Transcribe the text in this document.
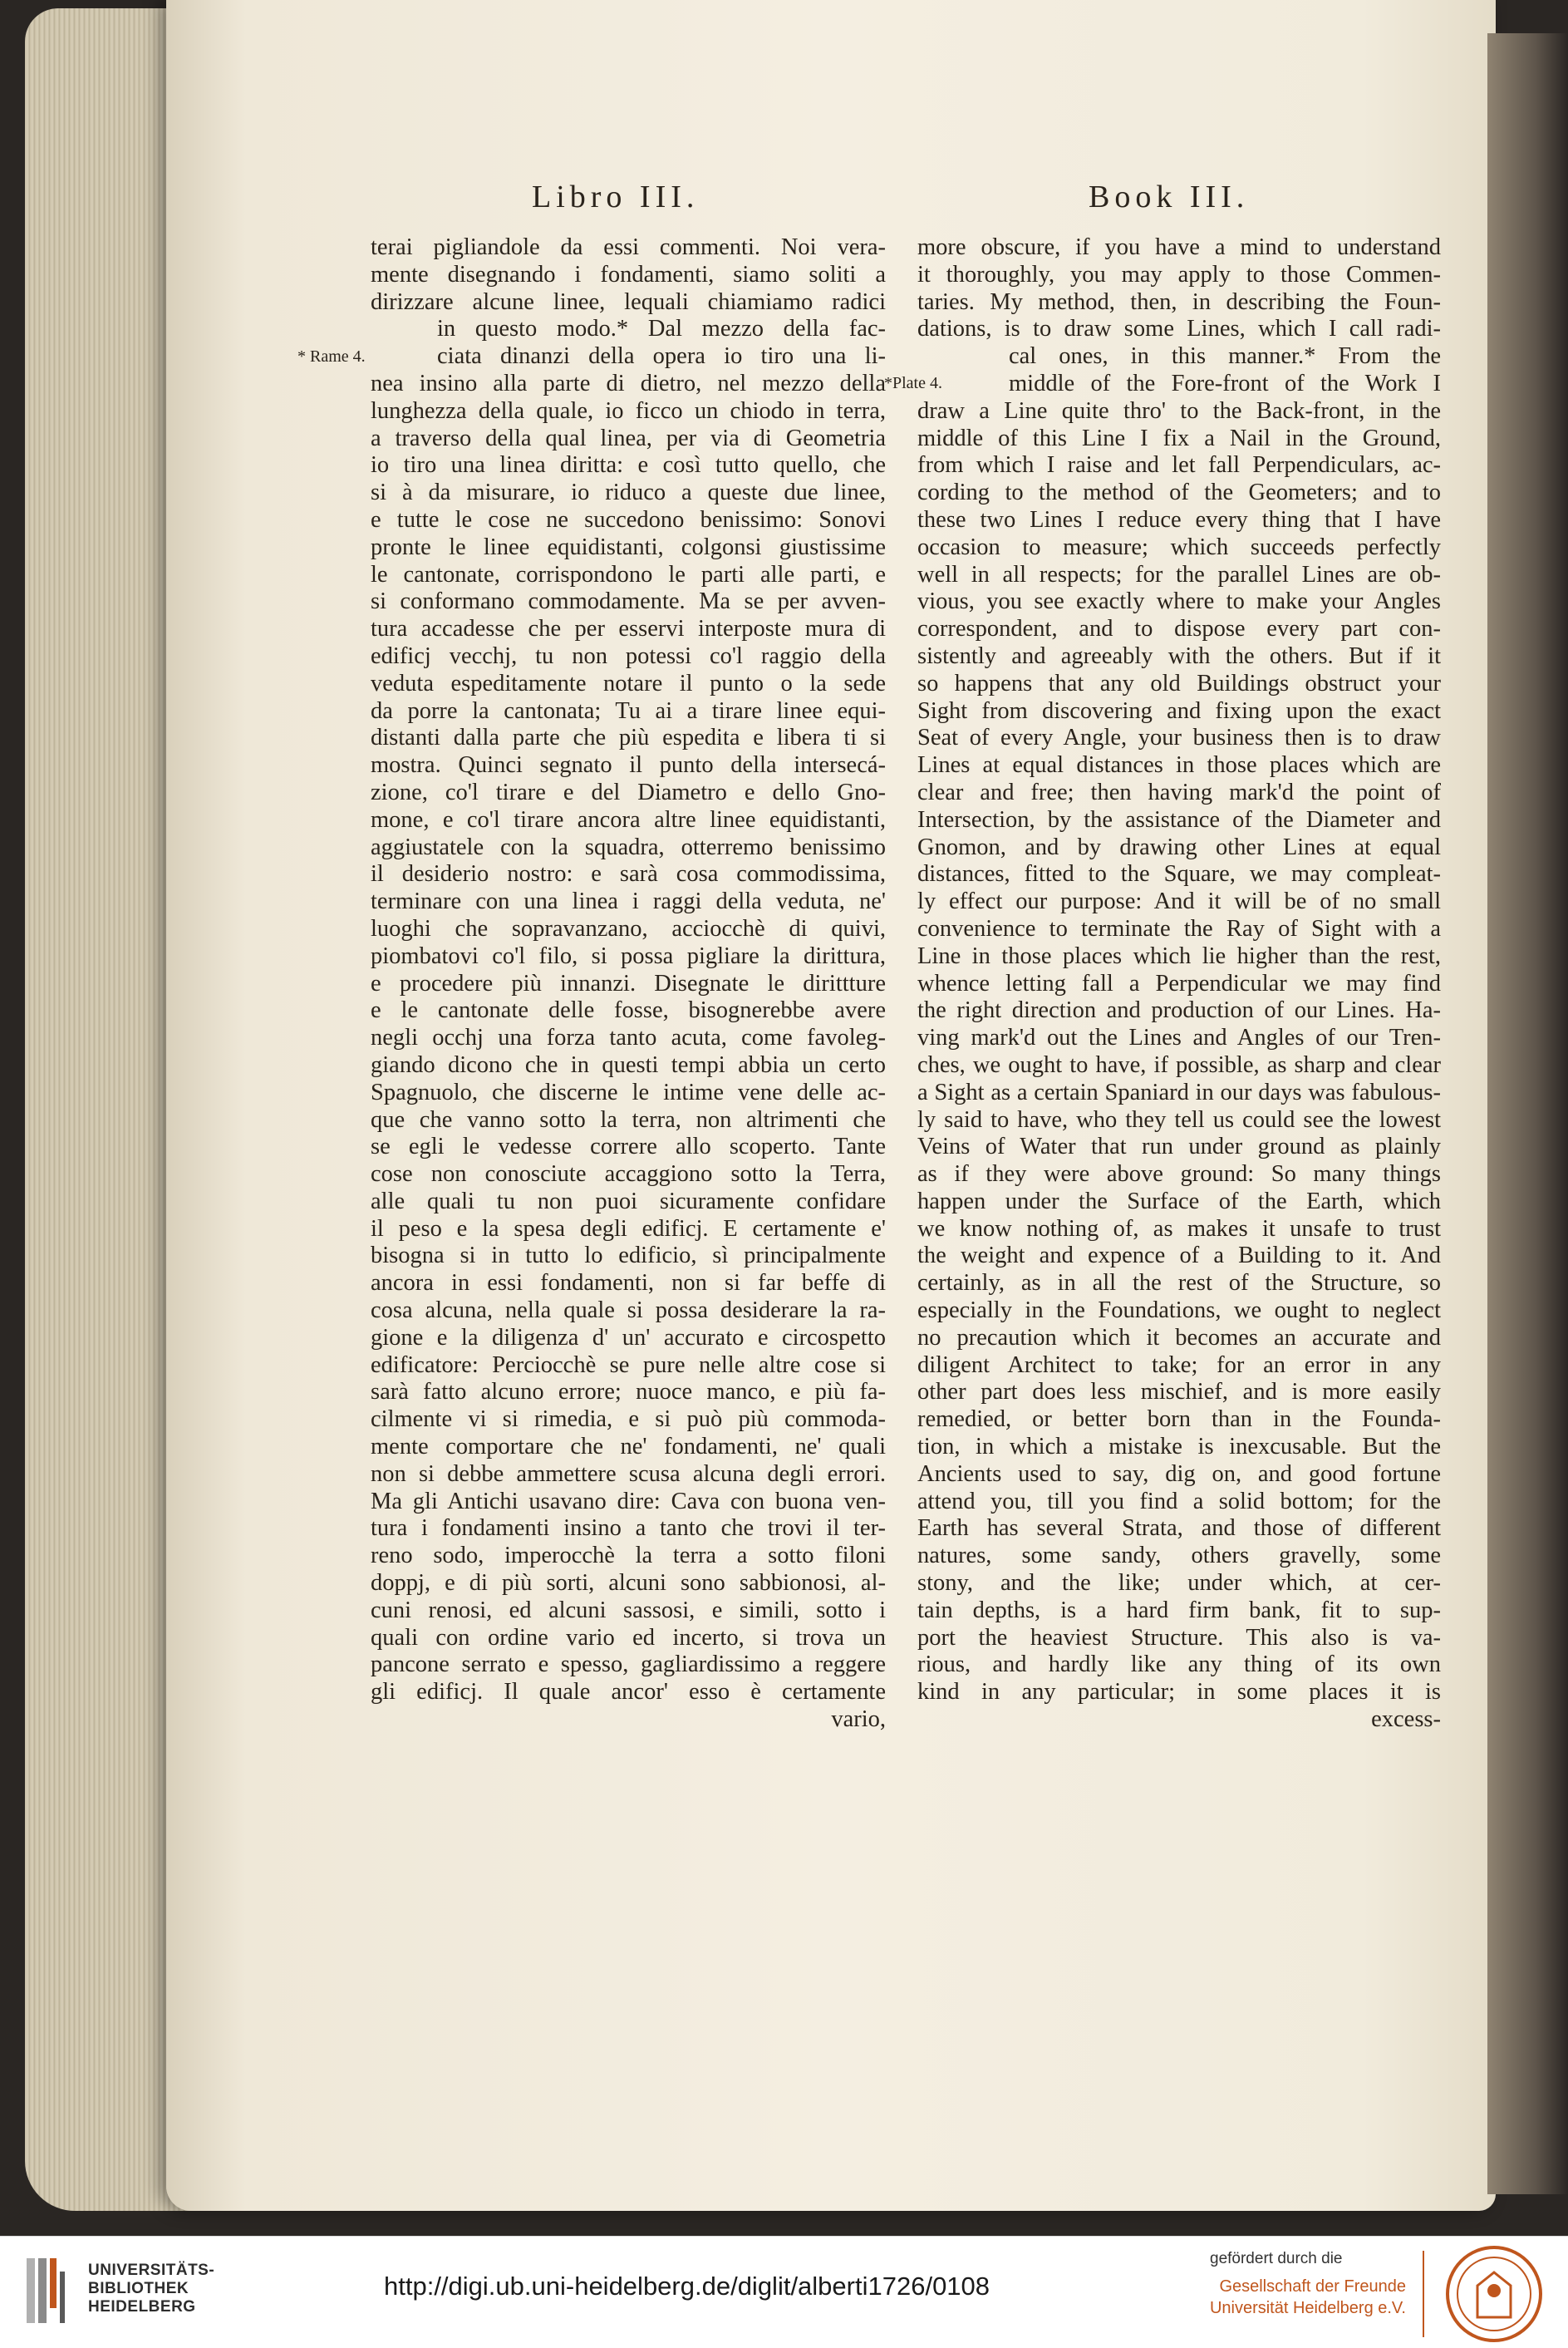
Libro III.	Book III.
* Rame 4.
*Plate 4.
terai pigliandole da essi commenti. Noi vera-
mente disegnando i fondamenti, siamo soliti a
dirizzare alcune linee, lequali chiamiamo radici
in questo modo.* Dal mezzo della fac-
ciata dinanzi della opera io tiro una li-
nea insino alla parte di dietro, nel mezzo della
lunghezza della quale, io ficco un chiodo in terra,
a traverso della qual linea, per via di Geometria
io tiro una linea diritta: e così tutto quello, che
si à da misurare, io riduco a queste due linee,
e tutte le cose ne succedono benissimo: Sonovi
pronte le linee equidistanti, colgonsi giustissime
le cantonate, corrispondono le parti alle parti, e
si conformano commodamente. Ma se per avven-
tura accadesse che per esservi interposte mura di
edificj vecchj, tu non potessi co'l raggio della
veduta espeditamente notare il punto o la sede
da porre la cantonata; Tu ai a tirare linee equi-
distanti dalla parte che più espedita e libera ti si
mostra. Quinci segnato il punto della intersecá-
zione, co'l tirare e del Diametro e dello Gno-
mone, e co'l tirare ancora altre linee equidistanti,
aggiustatele con la squadra, otterremo benissimo
il desiderio nostro: e sarà cosa commodissima,
terminare con una linea i raggi della veduta, ne'
luoghi che sopravanzano, acciocchè di quivi,
piombatovi co'l filo, si possa pigliare la dirittura,
e procedere più innanzi. Disegnate le dirittture
e le cantonate delle fosse, bisognerebbe avere
negli occhj una forza tanto acuta, come favoleg-
giando dicono che in questi tempi abbia un certo
Spagnuolo, che discerne le intime vene delle ac-
que che vanno sotto la terra, non altrimenti che
se egli le vedesse correre allo scoperto. Tante
cose non conosciute accaggiono sotto la Terra,
alle quali tu non puoi sicuramente confidare
il peso e la spesa degli edificj. E certamente e'
bisogna si in tutto lo edificio, sì principalmente
ancora in essi fondamenti, non si far beffe di
cosa alcuna, nella quale si possa desiderare la ra-
gione e la diligenza d' un' accurato e circospetto
edificatore: Perciocchè se pure nelle altre cose si
sarà fatto alcuno errore; nuoce manco, e più fa-
cilmente vi si rimedia, e si può più commoda-
mente comportare che ne' fondamenti, ne' quali
non si debbe ammettere scusa alcuna degli errori.
Ma gli Antichi usavano dire: Cava con buona ven-
tura i fondamenti insino a tanto che trovi il ter-
reno sodo, imperocchè la terra a sotto filoni
doppj, e di più sorti, alcuni sono sabbionosi, al-
cuni renosi, ed alcuni sassosi, e simili, sotto i
quali con ordine vario ed incerto, si trova un
pancone serrato e spesso, gagliardissimo a reggere
gli edificj. Il quale ancor' esso è certamente
vario,
more obscure, if you have a mind to understand
it thoroughly, you may apply to those Commen-
taries. My method, then, in describing the Foun-
dations, is to draw some Lines, which I call radi-
cal ones, in this manner.* From the
middle of the Fore-front of the Work I
draw a Line quite thro' to the Back-front, in the
middle of this Line I fix a Nail in the Ground,
from which I raise and let fall Perpendiculars, ac-
cording to the method of the Geometers; and to
these two Lines I reduce every thing that I have
occasion to measure; which succeeds perfectly
well in all respects; for the parallel Lines are ob-
vious, you see exactly where to make your Angles
correspondent, and to dispose every part con-
sistently and agreeably with the others. But if it
so happens that any old Buildings obstruct your
Sight from discovering and fixing upon the exact
Seat of every Angle, your business then is to draw
Lines at equal distances in those places which are
clear and free; then having mark'd the point of
Intersection, by the assistance of the Diameter and
Gnomon, and by drawing other Lines at equal
distances, fitted to the Square, we may compleat-
ly effect our purpose: And it will be of no small
convenience to terminate the Ray of Sight with a
Line in those places which lie higher than the rest,
whence letting fall a Perpendicular we may find
the right direction and production of our Lines. Ha-
ving mark'd out the Lines and Angles of our Tren-
ches, we ought to have, if possible, as sharp and clear
a Sight as a certain Spaniard in our days was fabulous-
ly said to have, who they tell us could see the lowest
Veins of Water that run under ground as plainly
as if they were above ground: So many things
happen under the Surface of the Earth, which
we know nothing of, as makes it unsafe to trust
the weight and expence of a Building to it. And
certainly, as in all the rest of the Structure, so
especially in the Foundations, we ought to neglect
no precaution which it becomes an accurate and
diligent Architect to take; for an error in any
other part does less mischief, and is more easily
remedied, or better born than in the Founda-
tion, in which a mistake is inexcusable. But the
Ancients used to say, dig on, and good fortune
attend you, till you find a solid bottom; for the
Earth has several Strata, and those of different
natures, some sandy, others gravelly, some
stony, and the like; under which, at cer-
tain depths, is a hard firm bank, fit to sup-
port the heaviest Structure. This also is va-
rious, and hardly like any thing of its own
kind in any particular; in some places it is
excess-
UNIVERSITÄTS-
BIBLIOTHEK
HEIDELBERG
http://digi.ub.uni-heidelberg.de/diglit/alberti1726/0108
gefördert durch die
Gesellschaft der Freunde
Universität Heidelberg e.V.
